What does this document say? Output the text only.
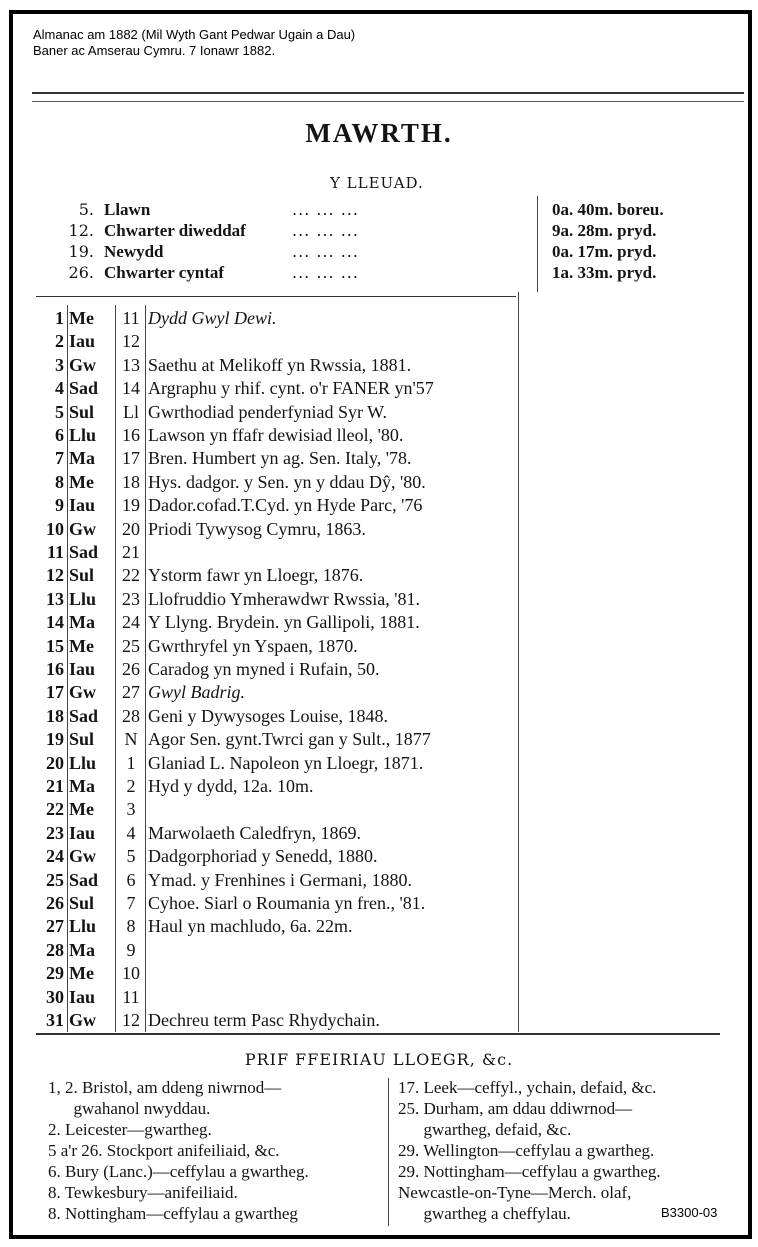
Almanac am 1882 (Mil Wyth Gant Pedwar Ugain a Dau)
Baner ac Amserau Cymru. 7 Ionawr 1882.
MAWRTH.
Y LLEUAD.
5. Llawn	... ... ...	0a. 40m. boreu.
12. Chwarter diweddaf	... ... ...	9a. 28m. pryd.
19. Newydd	... ... ...	0a. 17m. pryd.
26. Chwarter cyntaf	... ... ...	1a. 33m. pryd.
1 Me	11 Dydd Gwyl Dewi.
2 Iau	12
3 Gw	13 Saethu at Melikoff yn Rwssia, 1881.
4 Sad	14 Argraphu y rhif. cynt. o'r FANER yn'57
5 Sul	Ll Gwrthodiad penderfyniad Syr W.
6 Llu	16 Lawson yn ffafr dewisiad lleol, '80.
7 Ma	17 Bren. Humbert yn ag. Sen. Italy, '78.
8 Me	18 Hys. dadgor. y Sen. yn y ddau Dŷ, '80.
9 Iau	19 Dador.cofad.T.Cyd. yn Hyde Parc, '76
10 Gw	20 Priodi Tywysog Cymru, 1863.
11 Sad	21
12 Sul	22 Ystorm fawr yn Lloegr, 1876.
13 Llu	23 Llofruddio Ymherawdwr Rwssia, '81.
14 Ma	24 Y Llyng. Brydein. yn Gallipoli, 1881.
15 Me	25 Gwrthryfel yn Yspaen, 1870.
16 Iau	26 Caradog yn myned i Rufain, 50.
17 Gw	27 Gwyl Badrig.
18 Sad	28 Geni y Dywysoges Louise, 1848.
19 Sul	N Agor Sen. gynt.Twrci gan y Sult., 1877
20 Llu	1 Glaniad L. Napoleon yn Lloegr, 1871.
21 Ma	2 Hyd y dydd, 12a. 10m.
22 Me	3
23 Iau	4 Marwolaeth Caledfryn, 1869.
24 Gw	5 Dadgorphoriad y Senedd, 1880.
25 Sad	6 Ymad. y Frenhines i Germani, 1880.
26 Sul	7 Cyhoe. Siarl o Roumania yn fren., '81.
27 Llu	8 Haul yn machludo, 6a. 22m.
28 Ma	9
29 Me	10
30 Iau	11
31 Gw	12 Dechreu term Pasc Rhydychain.
PRIF FFEIRIAU LLOEGR, &c.
1, 2. Bristol, am ddeng niwrnod—
gwahanol nwyddau.
2. Leicester—gwartheg.
5 a'r 26. Stockport anifeiliaid, &c.
6. Bury (Lanc.)—ceffylau a gwartheg.
8. Tewkesbury—anifeiliaid.
8. Nottingham—ceffylau a gwartheg
17. Leek—ceffyl., ychain, defaid, &c.
25. Durham, am ddau ddiwrnod—
gwartheg, defaid, &c.
29. Wellington—ceffylau a gwartheg.
29. Nottingham—ceffylau a gwartheg.
Newcastle-on-Tyne—Merch. olaf,
gwartheg a cheffylau.	B3300-03
